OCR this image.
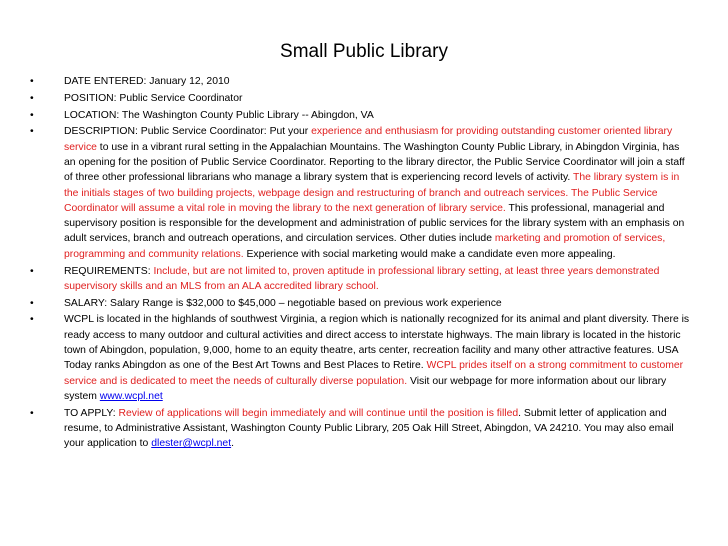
Small Public Library
•	DATE ENTERED: January 12, 2010
•	POSITION: Public Service Coordinator
•	LOCATION: The Washington County Public Library -- Abingdon, VA
•	DESCRIPTION: Public Service Coordinator: Put your experience and enthusiasm for providing outstanding customer oriented library service to use in a vibrant rural setting in the Appalachian Mountains. The Washington County Public Library, in Abingdon Virginia, has an opening for the position of Public Service Coordinator. Reporting to the library director, the Public Service Coordinator will join a staff of three other professional librarians who manage a library system that is experiencing record levels of activity. The library system is in the initials stages of two building projects, webpage design and restructuring of branch and outreach services. The Public Service Coordinator will assume a vital role in moving the library to the next generation of library service. This professional, managerial and supervisory position is responsible for the development and administration of public services for the library system with an emphasis on adult services, branch and outreach operations, and circulation services. Other duties include marketing and promotion of services, programming and community relations. Experience with social marketing would make a candidate even more appealing.
•	REQUIREMENTS: Include, but are not limited to, proven aptitude in professional library setting, at least three years demonstrated supervisory skills and an MLS from an ALA accredited library school.
•	SALARY: Salary Range is $32,000 to $45,000 – negotiable based on previous work experience
•	WCPL is located in the highlands of southwest Virginia, a region which is nationally recognized for its animal and plant diversity. There is ready access to many outdoor and cultural activities and direct access to interstate highways. The main library is located in the historic town of Abingdon, population, 9,000, home to an equity theatre, arts center, recreation facility and many other attractive features. USA Today ranks Abingdon as one of the Best Art Towns and Best Places to Retire. WCPL prides itself on a strong commitment to customer service and is dedicated to meet the needs of culturally diverse population. Visit our webpage for more information about our library system www.wcpl.net
•	TO APPLY: Review of applications will begin immediately and will continue until the position is filled. Submit letter of application and resume, to Administrative Assistant, Washington County Public Library, 205 Oak Hill Street, Abingdon, VA 24210. You may also email your application to dlester@wcpl.net.
